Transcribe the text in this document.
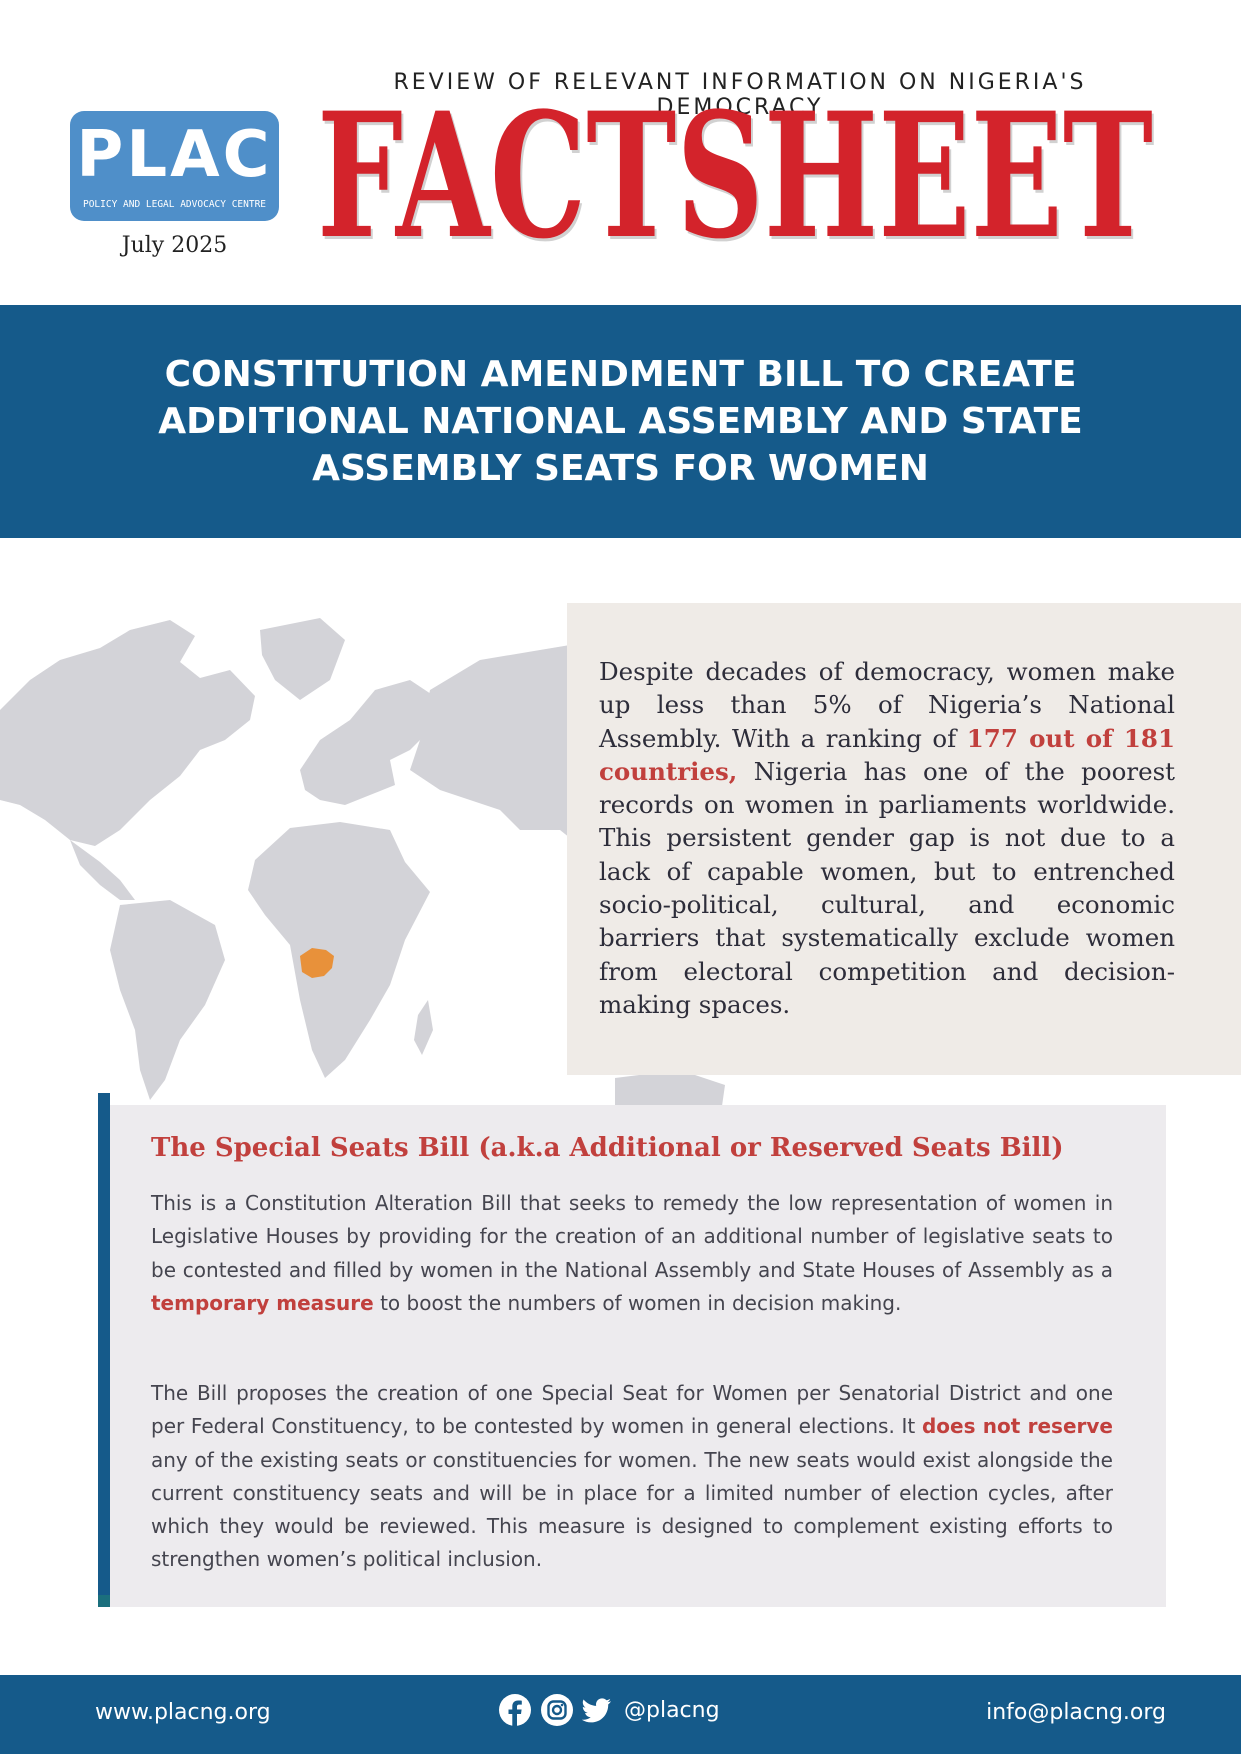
PLAC
POLICY AND LEGAL ADVOCACY CENTRE
July 2025
REVIEW OF RELEVANT INFORMATION ON NIGERIA'S DEMOCRACY
FACTSHEET
FACTSHEET
CONSTITUTION AMENDMENT BILL TO CREATE ADDITIONAL NATIONAL ASSEMBLY AND STATE ASSEMBLY SEATS FOR WOMEN

Despite decades of democracy, women make up less than 5% of Nigeria’s National Assembly. With a ranking of 177 out of 181 countries, Nigeria has one of the poorest records on women in parliaments worldwide. This persistent gender gap is not due to a lack of capable women, but to entrenched socio-political, cultural, and economic barriers that systematically exclude women from electoral competition and decision-making spaces.

The Special Seats Bill (a.k.a Additional or Reserved Seats Bill)

This is a Constitution Alteration Bill that seeks to remedy the low representation of women in Legislative Houses by providing for the creation of an additional number of legislative seats to be contested and filled by women in the National Assembly and State Houses of Assembly as a temporary measure to boost the numbers of women in decision making.

The Bill proposes the creation of one Special Seat for Women per Senatorial District and one per Federal Constituency, to be contested by women in general elections. It does not reserve any of the existing seats or constituencies for women. The new seats would exist alongside the current constituency seats and will be in place for a limited number of election cycles, after which they would be reviewed. This measure is designed to complement existing efforts to strengthen women’s political inclusion.

www.placng.org	@placng	info@placng.org
